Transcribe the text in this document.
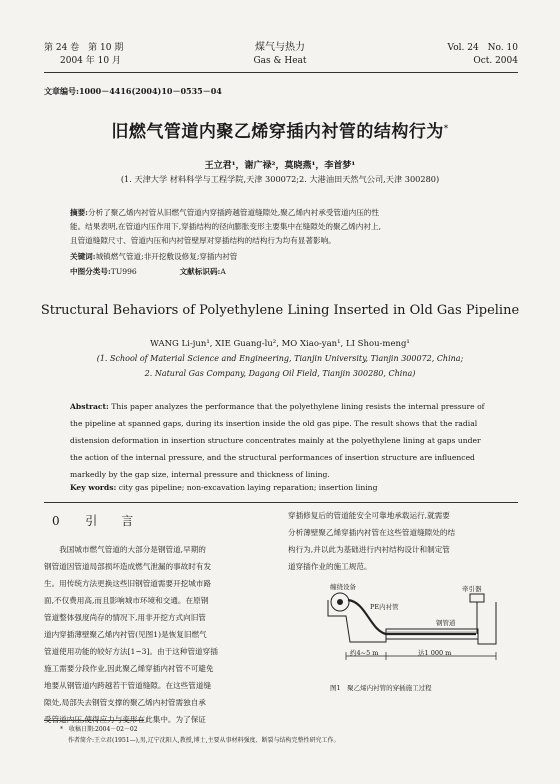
第 24 卷　第 10 期
2004 年 10 月
煤气与热力
Gas & Heat
Vol. 24　No. 10
Oct. 2004
文章编号:1000－4416(2004)10－0535－04
旧燃气管道内聚乙烯穿插内衬管的结构行为*
王立君¹，谢广禄²，莫晓燕¹，李首梦¹
(1. 天津大学 材料科学与工程学院,天津 300072;2. 大港油田天然气公司,天津 300280)
摘要:分析了聚乙烯内衬管从旧燃气管道内穿插跨越管道缝隙处,聚乙烯内衬承受管道内压的性
能。结果表明,在管道内压作用下,穿插结构的径向膨胀变形主要集中在缝隙处的聚乙烯内衬上,
且管道缝隙尺寸、管道内压和内衬管壁厚对穿插结构的结构行为均有显著影响。
关键词:城镇燃气管道;非开挖敷设修复;穿插内衬管
中图分类号:TU996	文献标识码:A
Structural Behaviors of Polyethylene Lining Inserted in Old Gas Pipeline
WANG Li-jun¹, XIE Guang-lu², MO Xiao-yan¹, LI Shou-meng¹
(1. School of Material Science and Engineering, Tianjin University, Tianjin 300072, China;
2. Natural Gas Company, Dagang Oil Field, Tianjin 300280, China)
Abstract: This paper analyzes the performance that the polyethylene lining resists the internal pressure of
the pipeline at spanned gaps, during its insertion inside the old gas pipe. The result shows that the radial
distension deformation in insertion structure concentrates mainly at the polyethylene lining at gaps under
the action of the internal pressure, and the structural performances of insertion structure are influenced
markedly by the gap size, internal pressure and thickness of lining.
Key words: city gas pipeline; non-excavation laying reparation; insertion lining
0 引　　言
　　我国城市燃气管道的大部分是钢管道,早期的
钢管道因管道局部损坏造成燃气泄漏的事故时有发
生。用传统方法更换这些旧钢管道需要开挖城市路
面,不仅费用高,而且影响城市环境和交通。在原钢
管道整体强度尚存的情况下,用非开挖方式向旧管
道内穿插薄壁聚乙烯内衬管(见图1)是恢复旧燃气
管道使用功能的较好方法[1~3]。由于这种管道穿插
施工需要分段作业,因此聚乙烯穿插内衬管不可避免
地要从钢管道内跨越若干管道缝隙。在这些管道缝
隙处,局部失去钢管支撑的聚乙烯内衬管需独自承
受管道内压,使得应力与变形在此集中。为了保证
穿插修复后的管道能安全可靠地承载运行,就需要
分析薄壁聚乙烯穿插内衬管在这些管道缝隙处的结
构行为,并以此为基础进行内衬结构设计和制定管
道穿插作业的施工规范。
缠绕设备
PE内衬管
牵引器
钢管道
约4~5 m	达1 000 m
图1　聚乙烯内衬管的穿插施工过程
*　收稿日期:2004－02－02
作者简介:王立君(1951—),男,辽宁沈阳人,教授,博士,主要从事材料强度、断裂与结构完整性研究工作。
